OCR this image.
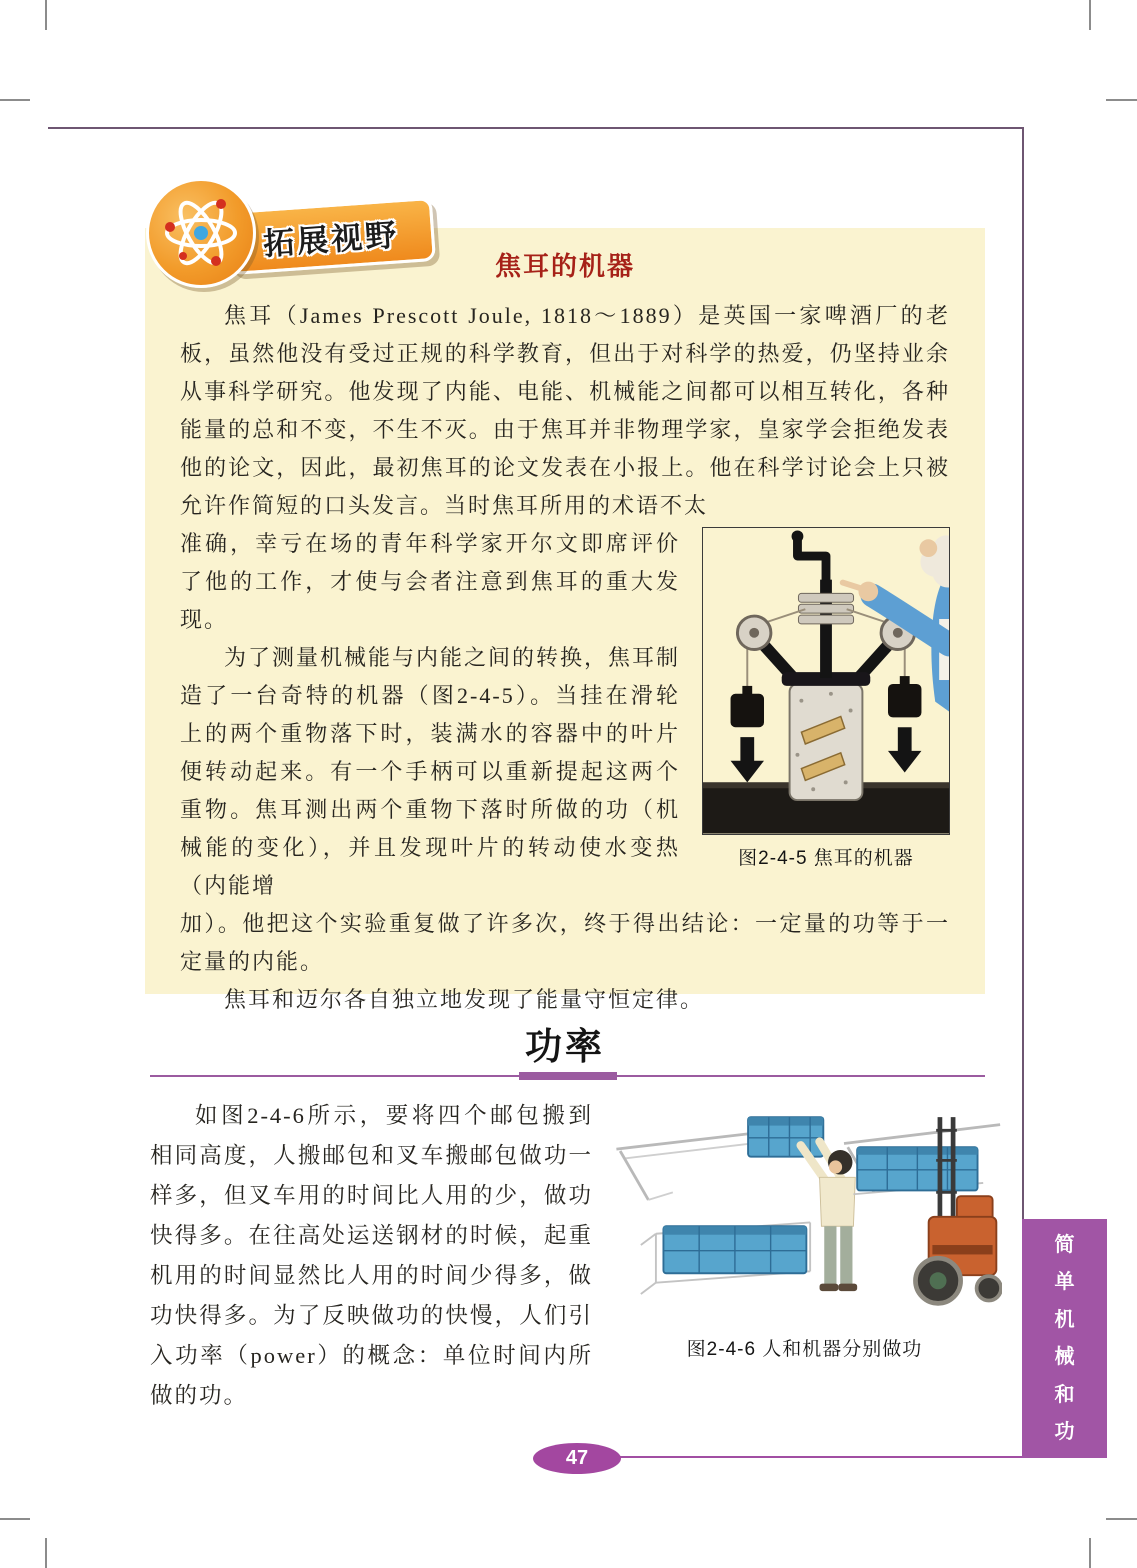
拓展视野
焦耳的机器

焦耳（James Prescott Joule, 1818～1889）是英国一家啤酒厂的老板，虽然他没有受过正规的科学教育，但出于对科学的热爱，仍坚持业余从事科学研究。他发现了内能、电能、机械能之间都可以相互转化，各种能量的总和不变，不生不灭。由于焦耳并非物理学家，皇家学会拒绝发表他的论文，因此，最初焦耳的论文发表在小报上。他在科学讨论会上只被允许作简短的口头发言。当时焦耳所用的术语不太

准确，幸亏在场的青年科学家开尔文即席评价了他的工作，才使与会者注意到焦耳的重大发现。

为了测量机械能与内能之间的转换，焦耳制造了一台奇特的机器（图2-4-5）。当挂在滑轮上的两个重物落下时，装满水的容器中的叶片便转动起来。有一个手柄可以重新提起这两个重物。焦耳测出两个重物下落时所做的功（机械能的变化），并且发现叶片的转动使水变热（内能增

图2-4-5 焦耳的机器

加）。他把这个实验重复做了许多次，终于得出结论：一定量的功等于一定量的内能。

焦耳和迈尔各自独立地发现了能量守恒定律。

功率

如图2-4-6所示，要将四个邮包搬到相同高度，人搬邮包和叉车搬邮包做功一样多，但叉车用的时间比人用的少，做功快得多。在往高处运送钢材的时候，起重机用的时间显然比人用的时间少得多，做功快得多。为了反映做功的快慢，人们引入功率（power）的概念：单位时间内所做的功。

图2-4-6 人和机器分别做功
简
单
机
械
和
功
47
